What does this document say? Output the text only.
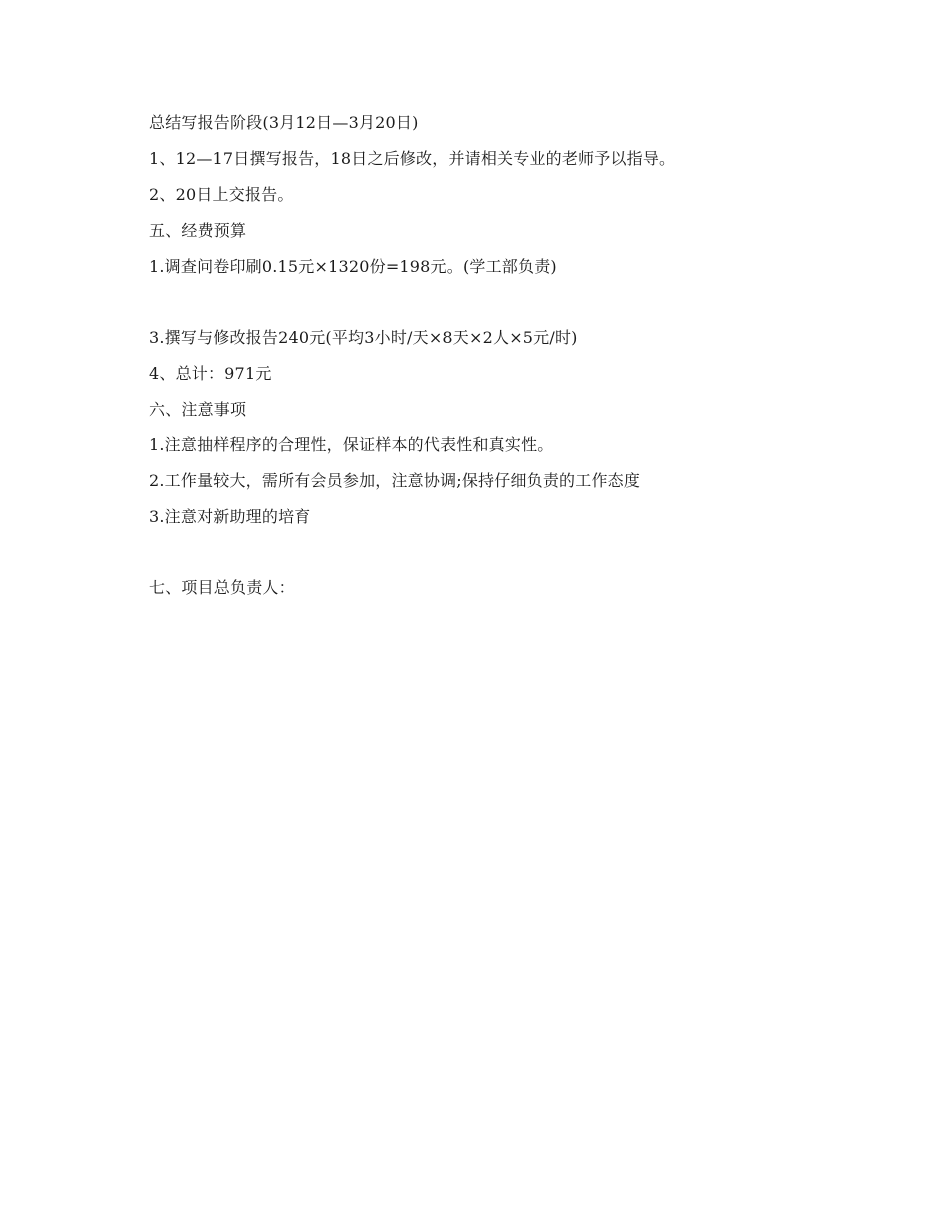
总结写报告阶段(3月12日—3月20日)
1、12—17日撰写报告，18日之后修改，并请相关专业的老师予以指导。
2、20日上交报告。
五、经费预算
1.调查问卷印刷0.15元×1320份=198元。(学工部负责)
3.撰写与修改报告240元(平均3小时/天×8天×2人×5元/时)
4、总计：971元
六、注意事项
1.注意抽样程序的合理性，保证样本的代表性和真实性。
2.工作量较大，需所有会员参加，注意协调;保持仔细负责的工作态度
3.注意对新助理的培育
七、项目总负责人：
